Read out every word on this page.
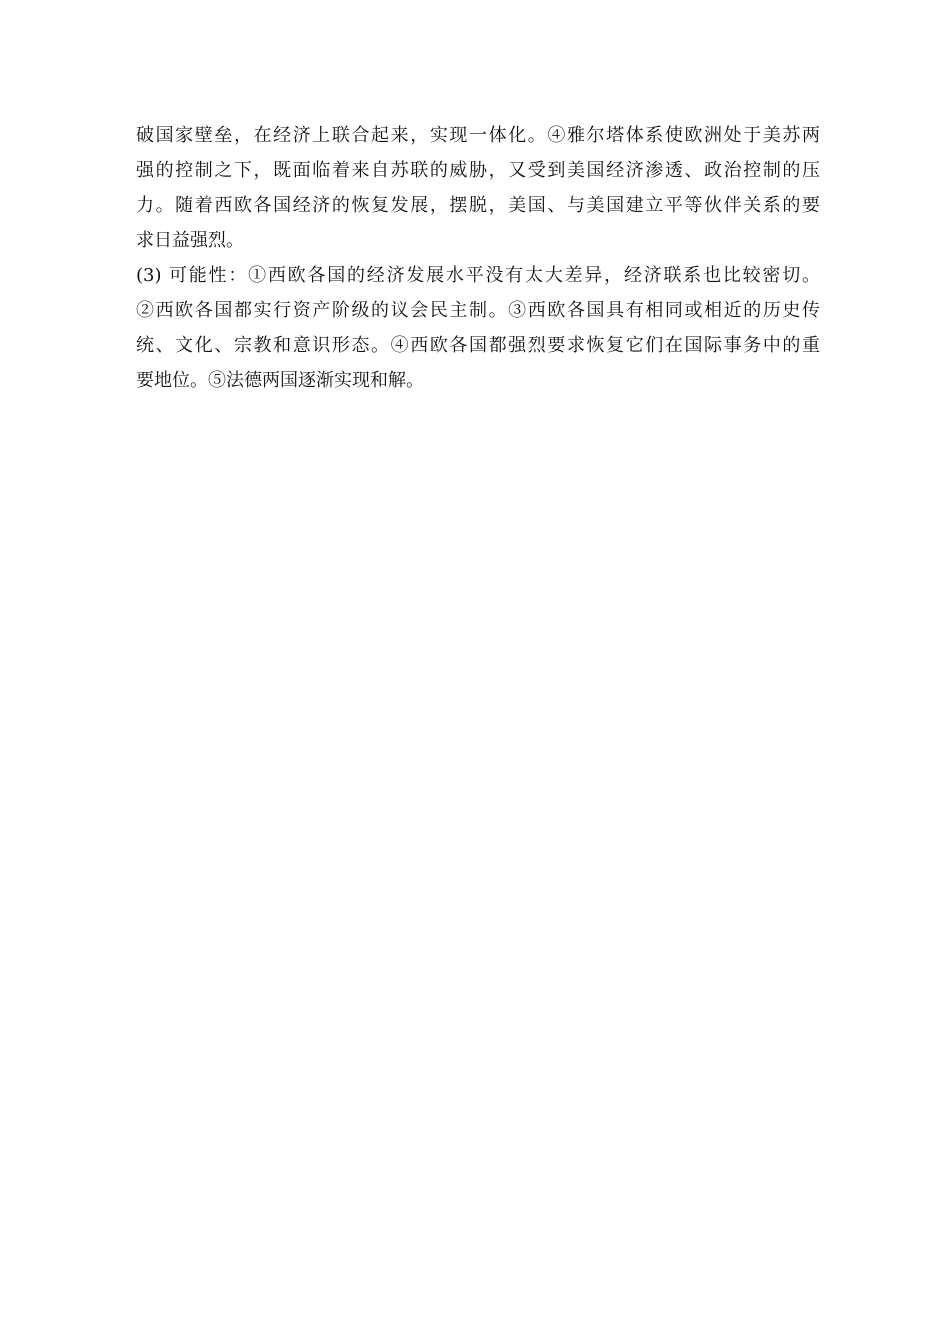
破国家壁垒，在经济上联合起来，实现一体化。④雅尔塔体系使欧洲处于美苏两
强的控制之下，既面临着来自苏联的威胁，又受到美国经济渗透、政治控制的压
力。随着西欧各国经济的恢复发展，摆脱，美国、与美国建立平等伙伴关系的要
求日益强烈。
(3) 可能性：①西欧各国的经济发展水平没有太大差异，经济联系也比较密切。
②西欧各国都实行资产阶级的议会民主制。③西欧各国具有相同或相近的历史传
统、文化、宗教和意识形态。④西欧各国都强烈要求恢复它们在国际事务中的重
要地位。⑤法德两国逐渐实现和解。
